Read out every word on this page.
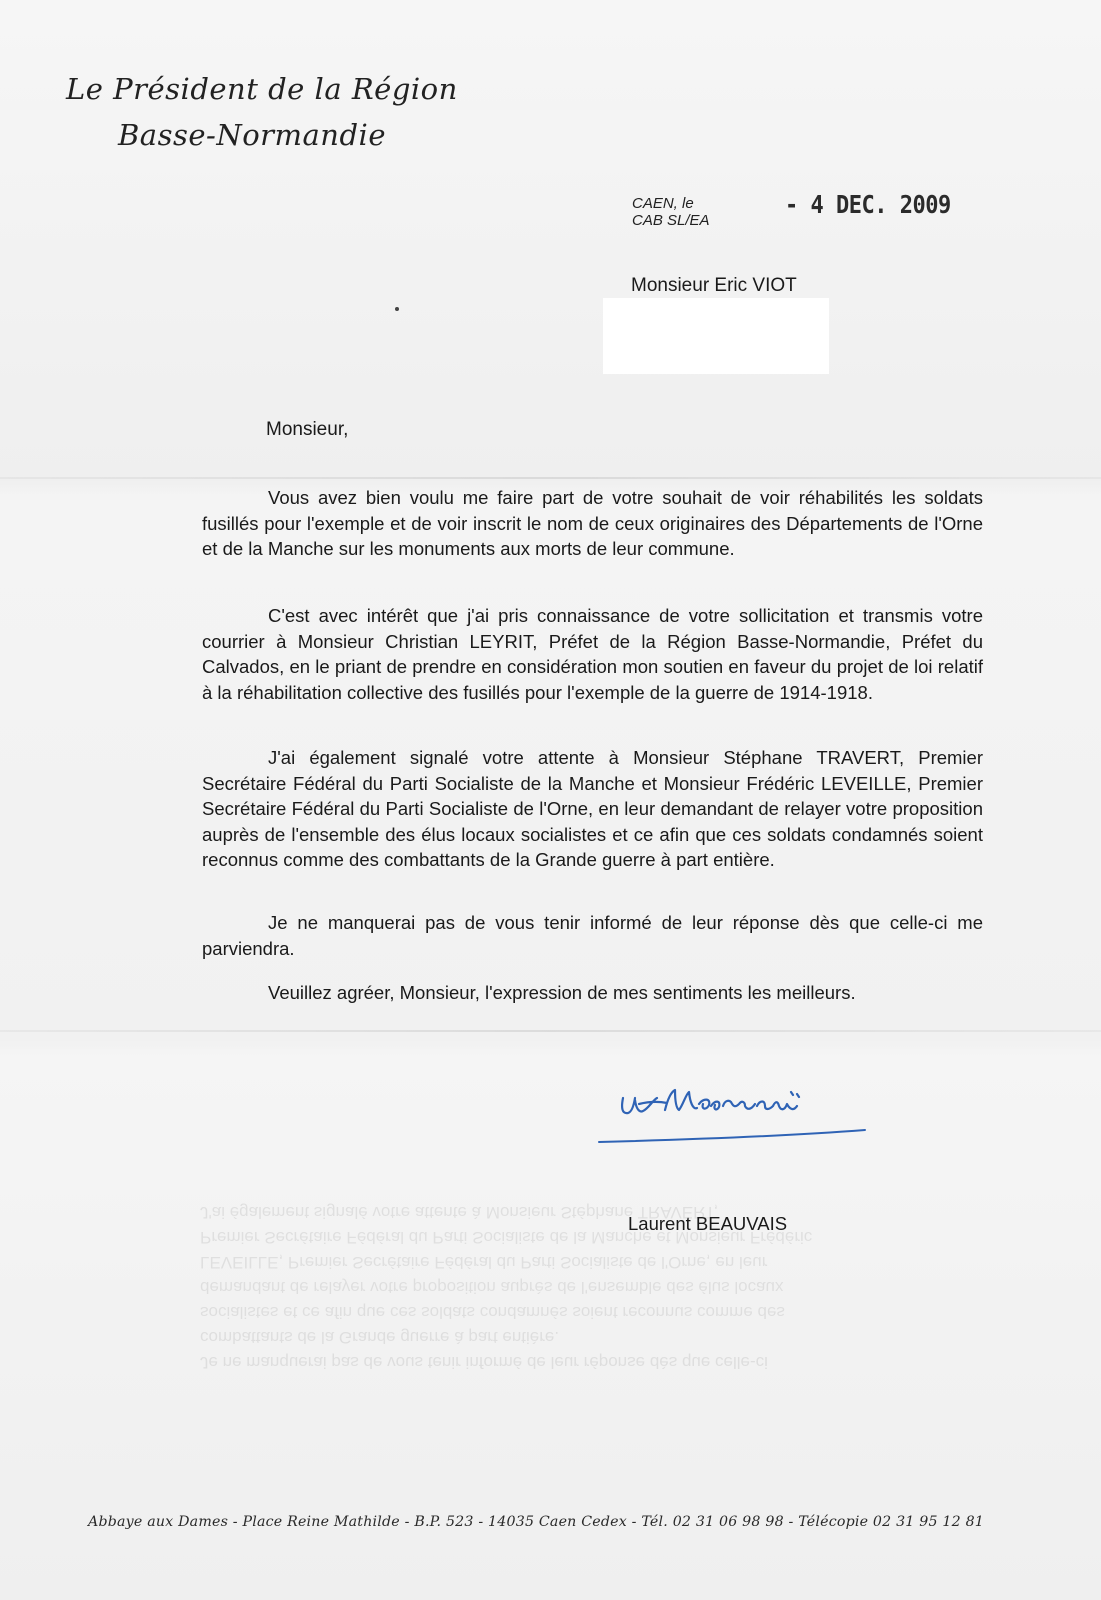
Le Président de la Région
Basse-Normandie
CAEN, le
CAB SL/EA
- 4 DEC. 2009
Monsieur Eric VIOT
Monsieur,
Vous avez bien voulu me faire part de votre souhait de voir réhabilités les soldats fusillés pour l'exemple et de voir inscrit le nom de ceux originaires des Départements de l'Orne et de la Manche sur les monuments aux morts de leur commune.
C'est avec intérêt que j'ai pris connaissance de votre sollicitation et transmis votre courrier à Monsieur Christian LEYRIT, Préfet de la Région Basse-Normandie, Préfet du Calvados, en le priant de prendre en considération mon soutien en faveur du projet de loi relatif à la réhabilitation collective des fusillés pour l'exemple de la guerre de 1914-1918.
J'ai également signalé votre attente à Monsieur Stéphane TRAVERT, Premier Secrétaire Fédéral du Parti Socialiste de la Manche et Monsieur Frédéric LEVEILLE, Premier Secrétaire Fédéral du Parti Socialiste de l'Orne, en leur demandant de relayer votre proposition auprès de l'ensemble des élus locaux socialistes et ce afin que ces soldats condamnés soient reconnus comme des combattants de la Grande guerre à part entière.
Je ne manquerai pas de vous tenir informé de leur réponse dès que celle-ci me parviendra.
Veuillez agréer, Monsieur, l'expression de mes sentiments les meilleurs.
Je ne manquerai pas de vous tenir informé de leur réponse dès que celle-ci
combattants de la Grande guerre à part entière.
socialistes et ce afin que ces soldats condamnés soient reconnus comme des
demandant de relayer votre proposition auprès de l'ensemble des élus locaux
LEVEILLE, Premier Secrétaire Fédéral du Parti Socialiste de l'Orne, en leur
Premier Secrétaire Fédéral du Parti Socialiste de la Manche et Monsieur Frédéric
J'ai également signalé votre attente à Monsieur Stéphane TRAVERT,
Laurent BEAUVAIS
Abbaye aux Dames - Place Reine Mathilde - B.P. 523 - 14035 Caen Cedex - Tél. 02 31 06 98 98 - Télécopie 02 31 95 12 81
